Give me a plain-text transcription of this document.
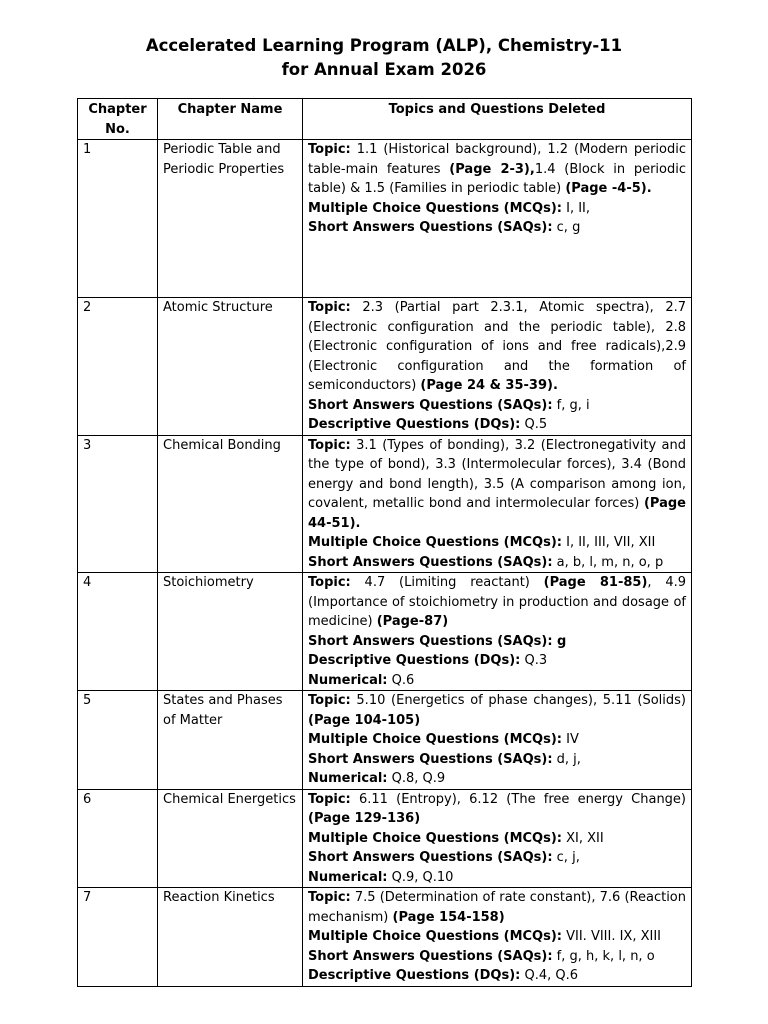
Accelerated Learning Program (ALP), Chemistry-11
for Annual Exam 2026
Chapter No.	Chapter Name	Topics and Questions Deleted
1	Periodic Table and Periodic Properties	Topic: 1.1 (Historical background), 1.2 (Modern periodic table-main features (Page 2-3),1.4 (Block in periodic table) & 1.5 (Families in periodic table) (Page -4-5).
Multiple Choice Questions (MCQs): I, II,
Short Answers Questions (SAQs): c, g

2	Atomic Structure	Topic: 2.3 (Partial part 2.3.1, Atomic spectra), 2.7 (Electronic configuration and the periodic table), 2.8 (Electronic configuration of ions and free radicals),2.9 (Electronic configuration and the formation of semiconductors) (Page 24 & 35-39).
Short Answers Questions (SAQs): f, g, i
Descriptive Questions (DQs): Q.5

3	Chemical Bonding	Topic: 3.1 (Types of bonding), 3.2 (Electronegativity and the type of bond), 3.3 (Intermolecular forces), 3.4 (Bond energy and bond length), 3.5 (A comparison among ion, covalent, metallic bond and intermolecular forces) (Page 44-51).
Multiple Choice Questions (MCQs): I, II, III, VII, XII
Short Answers Questions (SAQs): a, b, l, m, n, o, p

4	Stoichiometry	Topic: 4.7 (Limiting reactant) (Page 81-85), 4.9 (Importance of stoichiometry in production and dosage of medicine) (Page-87)
Short Answers Questions (SAQs): g
Descriptive Questions (DQs): Q.3
Numerical: Q.6

5	States and Phases of Matter	Topic: 5.10 (Energetics of phase changes), 5.11 (Solids) (Page 104-105)
Multiple Choice Questions (MCQs): IV
Short Answers Questions (SAQs): d, j,
Numerical: Q.8, Q.9

6	Chemical Energetics	Topic: 6.11 (Entropy), 6.12 (The free energy Change) (Page 129-136)
Multiple Choice Questions (MCQs): XI, XII
Short Answers Questions (SAQs): c, j,
Numerical: Q.9, Q.10

7	Reaction Kinetics	Topic: 7.5 (Determination of rate constant), 7.6 (Reaction mechanism) (Page 154-158)
Multiple Choice Questions (MCQs): VII. VIII. IX, XIII
Short Answers Questions (SAQs): f, g, h, k, l, n, o
Descriptive Questions (DQs): Q.4, Q.6
